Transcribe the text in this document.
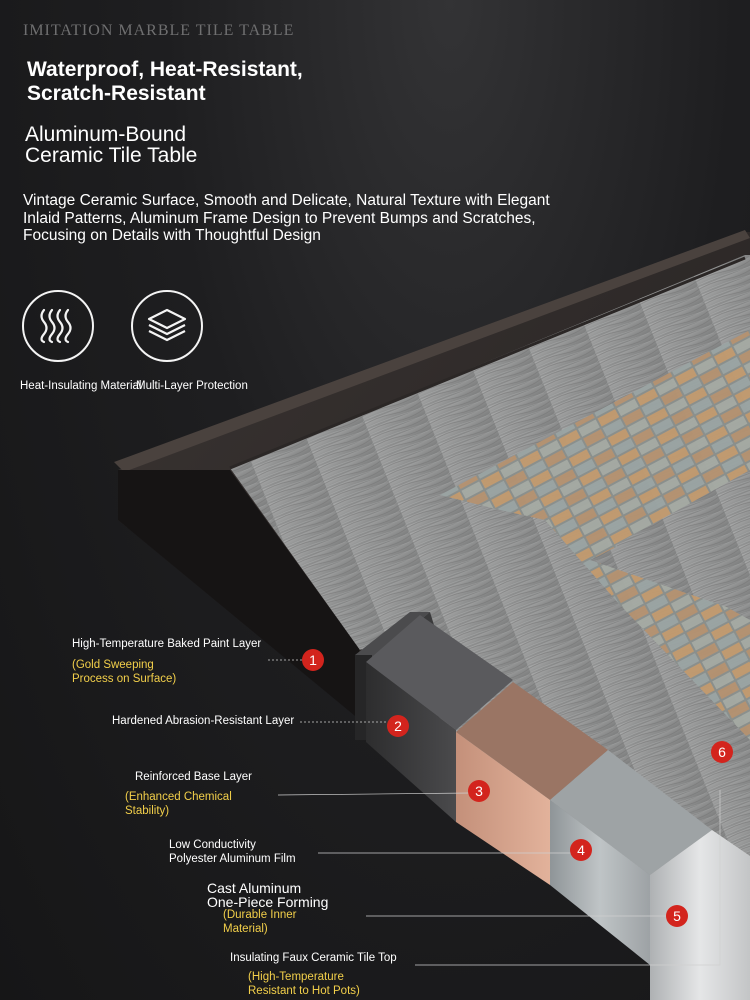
IMITATION MARBLE TILE TABLE
Waterproof, Heat-Resistant,
Scratch-Resistant
Aluminum-Bound
Ceramic Tile Table
Vintage Ceramic Surface, Smooth and Delicate, Natural Texture with Elegant
Inlaid Patterns, Aluminum Frame Design to Prevent Bumps and Scratches,
Focusing on Details with Thoughtful Design
Heat-Insulating Material
Multi-Layer Protection
High-Temperature Baked Paint Layer
(Gold Sweeping
Process on Surface)
Hardened Abrasion-Resistant Layer
Reinforced Base Layer
(Enhanced Chemical
Stability)
Low Conductivity
Polyester Aluminum Film
Cast Aluminum
One-Piece Forming
(Durable Inner
Material)
Insulating Faux Ceramic Tile Top
(High-Temperature
Resistant to Hot Pots)
1
2
3
4
5
6
